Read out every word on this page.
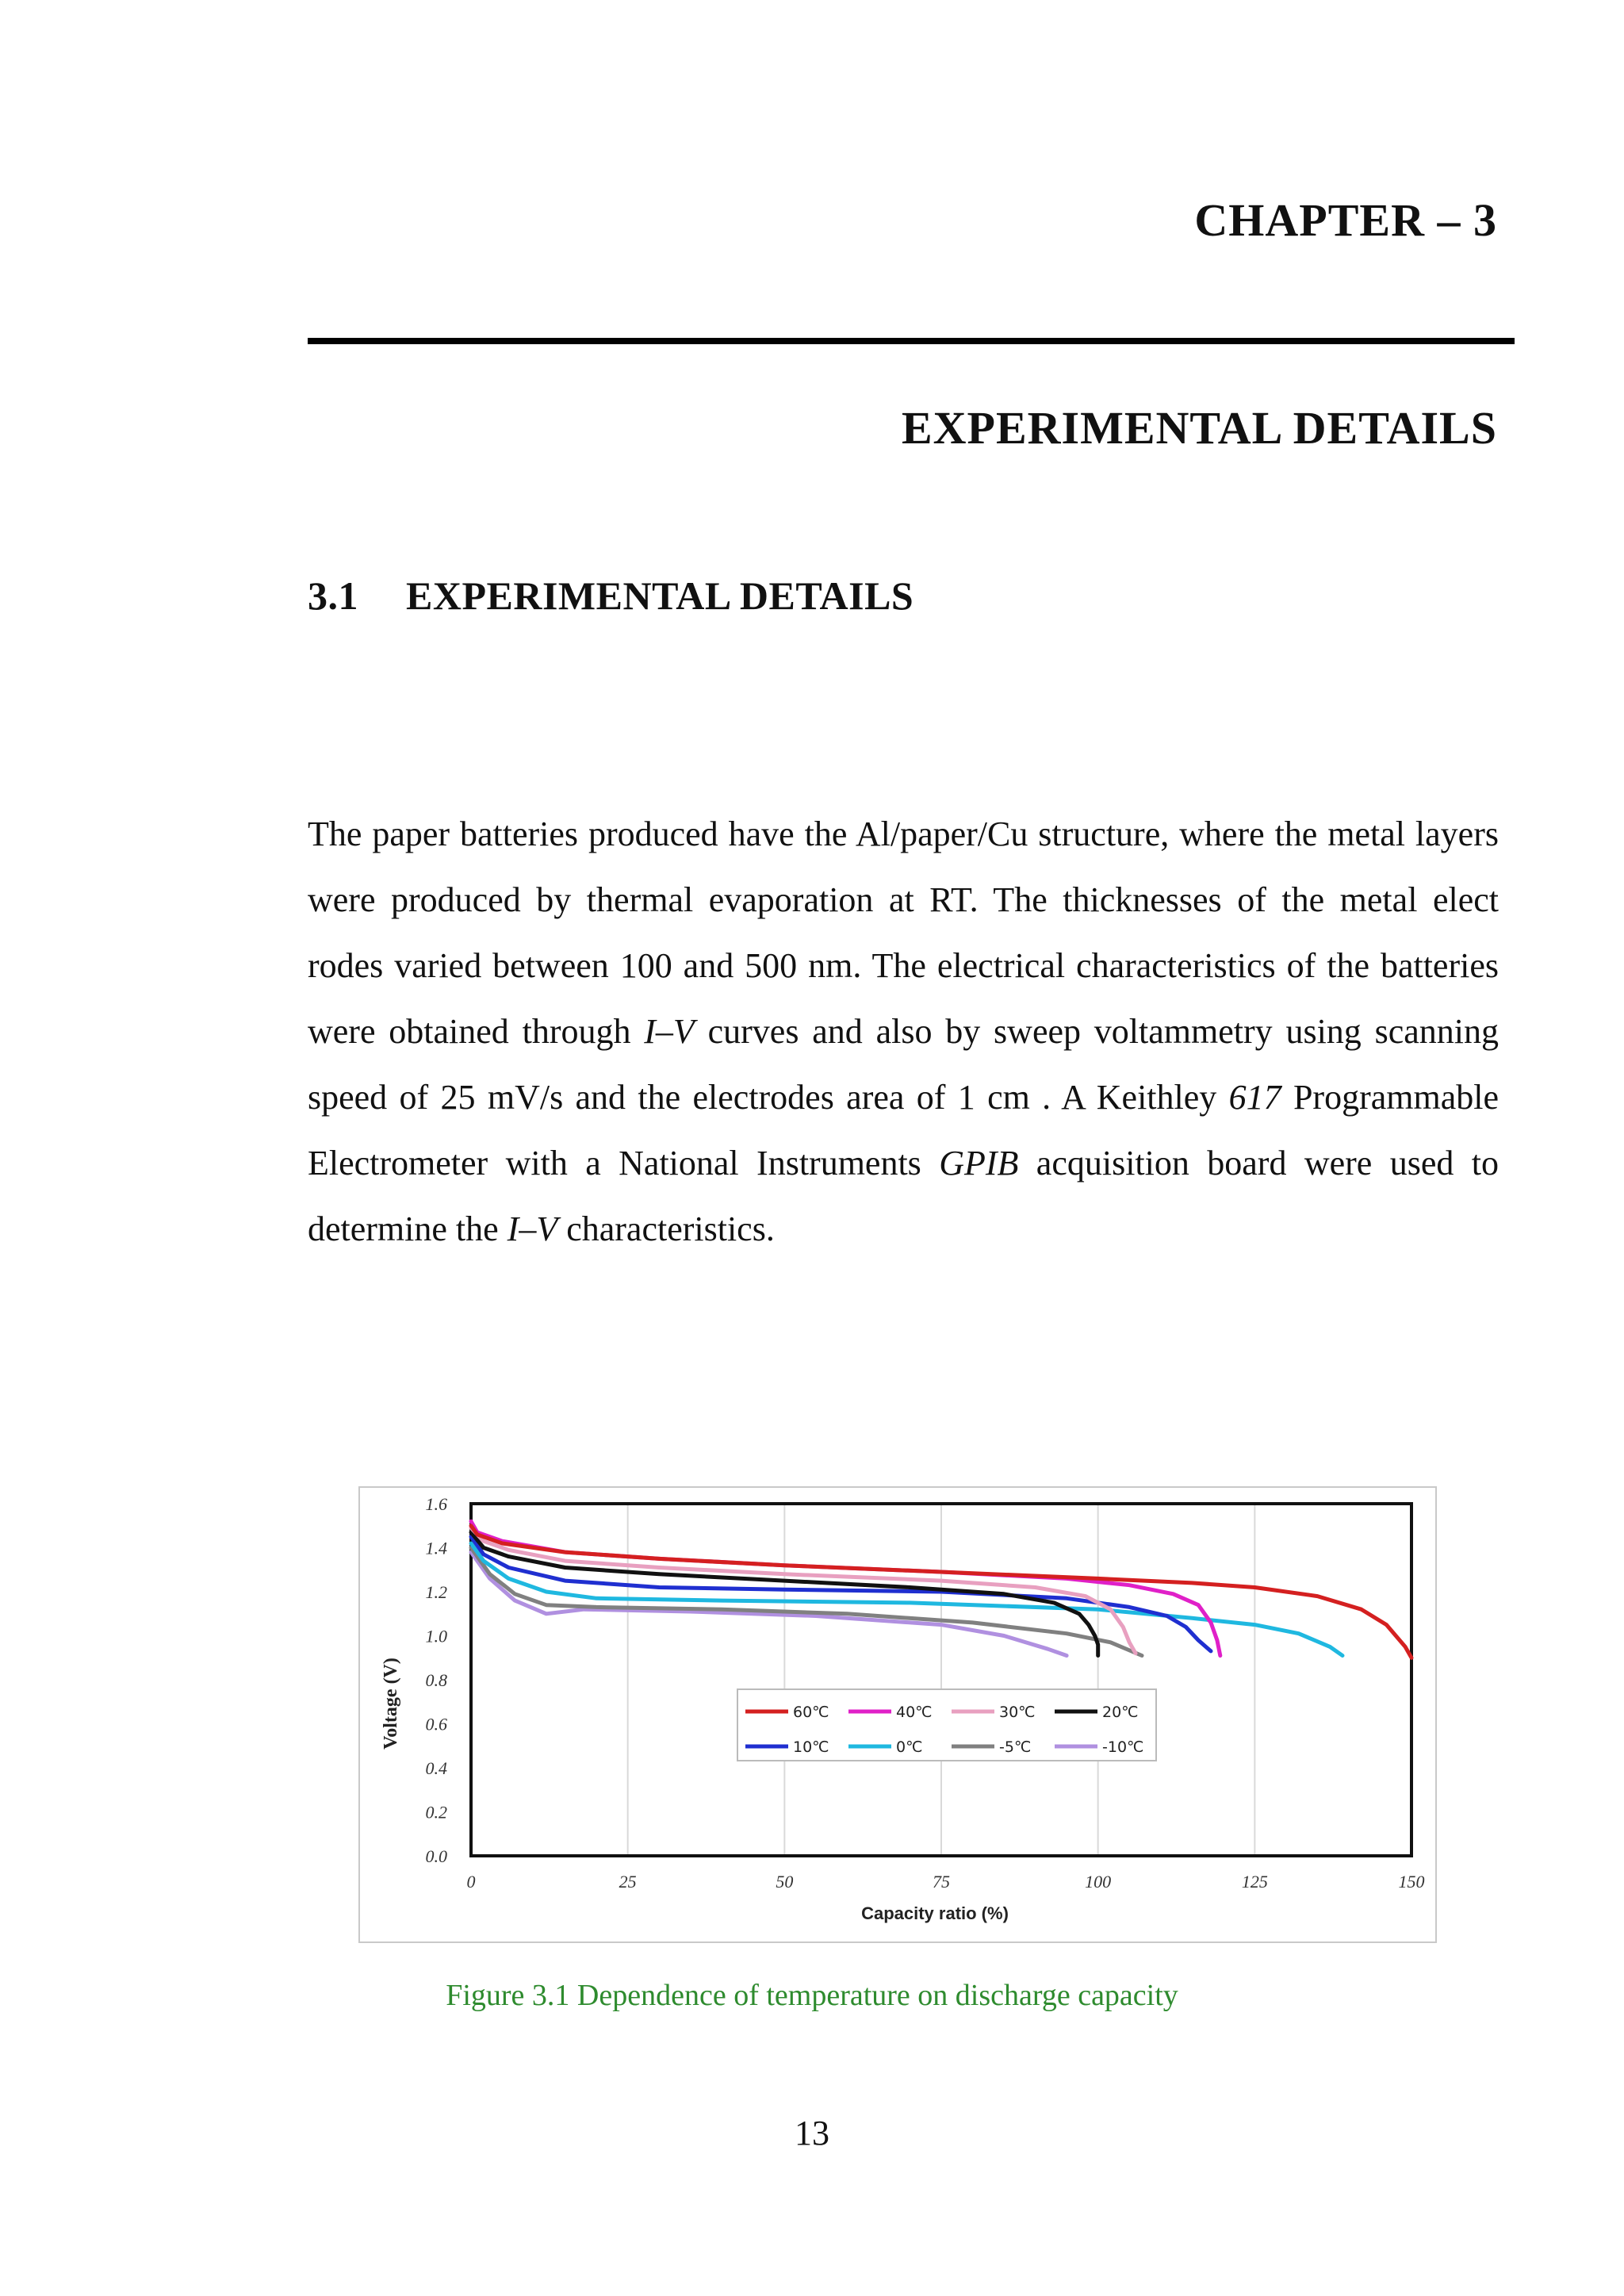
CHAPTER – 3
EXPERIMENTAL DETAILS
3.1 EXPERIMENTAL DETAILS

The paper batteries produced have the Al/paper/Cu structure, where the metal layers were produced by thermal evaporation at RT. The thicknesses of the metal elect rodes varied between 100 and 500 nm. The electrical characteristics of the batteries were obtained through I–V curves and also by sweep voltammetry using scanning speed of 25 mV/s and the electrodes area of 1 cm . A Keithley 617 Programmable Electrometer with a National Instruments GPIB acquisition board were used to determine the I–V characteristics.

0.0
0.2
0.4
0.6
0.8
1.0
1.2
1.4
1.6
0	25	50	75	100	125	150
Capacity ratio (%)
Voltage (V)	60℃	40℃	30℃	20℃
10℃	0℃	-5℃	-10℃

Figure 3.1 Dependence of temperature on discharge capacity

13
